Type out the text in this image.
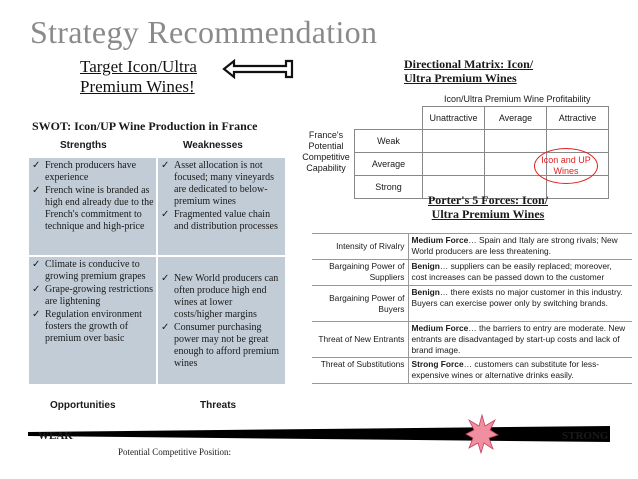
Strategy Recommendation
Target Icon/Ultra
Premium Wines!
SWOT: Icon/UP Wine Production in France
Strengths	Weaknesses
✓ French producers have experience
✓ French wine is branded as high end already due to the French's commitment to technique and high-price
✓ Asset allocation is not focused; many vineyards are dedicated to below-premium wines
✓ Fragmented value chain and distribution processes
✓ Climate is conducive to growing premium grapes
✓ Grape-growing restrictions are lightening
✓ Regulation environment fosters the growth of premium over basic
✓ New World producers can often produce high end wines at lower costs/higher margins
✓ Consumer purchasing power may not be great enough to afford premium wines
Opportunities	Threats
Directional Matrix: Icon/
Ultra Premium Wines
Icon/Ultra Premium Wine Profitability
France's Potential Competitive Capability
	Unattractive	Average	Attractive
Weak			
Average			
Strong			
Icon and UP Wines
Porter's 5 Forces: Icon/
Ultra Premium Wines
Intensity of Rivalry	Medium Force… Spain and Italy are strong rivals; New World producers are less threatening.
Bargaining Power of Suppliers	Benign… suppliers can be easily replaced; moreover, cost increases can be passed down to the customer
Bargaining Power of Buyers	Benign… there exists no major customer in this industry. Buyers can exercise power only by switching brands.
Threat of New Entrants	Medium Force… the barriers to entry are moderate. New entrants are disadvantaged by start-up costs and lack of brand image.
Threat of Substitutions	Strong Force… customers can substitute for less-expensive wines or alternative drinks easily.
WEAK	STRONG
Potential Competitive Position:
